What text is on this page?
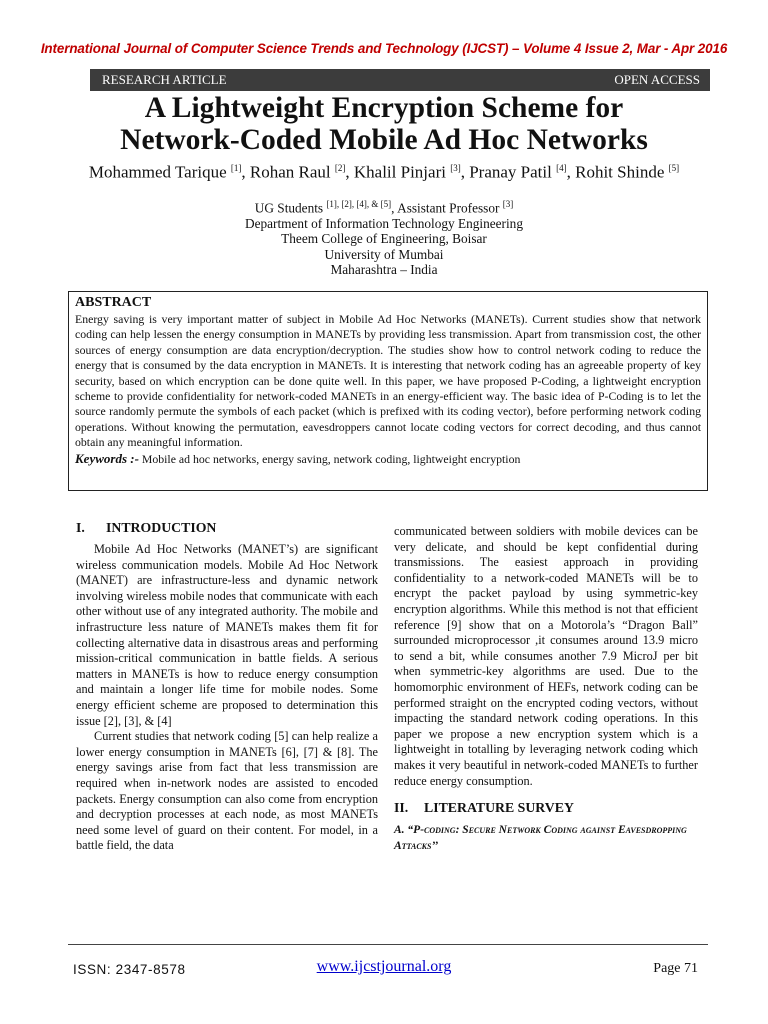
International Journal of Computer Science Trends and Technology (IJCST) – Volume 4 Issue 2, Mar - Apr 2016
RESEARCH ARTICLE	OPEN ACCESS
A Lightweight Encryption Scheme for
Network-Coded Mobile Ad Hoc Networks
Mohammed Tarique [1], Rohan Raul [2], Khalil Pinjari [3], Pranay Patil [4], Rohit Shinde [5]
UG Students [1], [2], [4], & [5], Assistant Professor [3]
Department of Information Technology Engineering
Theem College of Engineering, Boisar
University of Mumbai
Maharashtra – India
ABSTRACT

Energy saving is very important matter of subject in Mobile Ad Hoc Networks (MANETs). Current studies show that network coding can help lessen the energy consumption in MANETs by providing less transmission. Apart from transmission cost, the other sources of energy consumption are data encryption/decryption. The studies show how to control network coding to reduce the energy that is consumed by the data encryption in MANETs. It is interesting that network coding has an agreeable property of key security, based on which encryption can be done quite well. In this paper, we have proposed P-Coding, a lightweight encryption scheme to provide confidentiality for network-coded MANETs in an energy-efficient way. The basic idea of P-Coding is to let the source randomly permute the symbols of each packet (which is prefixed with its coding vector), before performing network coding operations. Without knowing the permutation, eavesdroppers cannot locate coding vectors for correct decoding, and thus cannot obtain any meaningful information.

Keywords :- Mobile ad hoc networks, energy saving, network coding, lightweight encryption

I. INTRODUCTION

Mobile Ad Hoc Networks (MANET’s) are significant wireless communication models. Mobile Ad Hoc Network (MANET) are infrastructure-less and dynamic network involving wireless mobile nodes that communicate with each other without use of any integrated authority. The mobile and infrastructure less nature of MANETs makes them fit for collecting alternative data in disastrous areas and performing mission-critical communication in battle fields. A serious matters in MANETs is how to reduce energy consumption and maintain a longer life time for mobile nodes. Some energy efficient scheme are proposed to determination this issue [2], [3], & [4]

Current studies that network coding [5] can help realize a lower energy consumption in MANETs [6], [7] & [8]. The energy savings arise from fact that less transmission are required when in-network nodes are assisted to encoded packets. Energy consumption can also come from encryption and decryption processes at each node, as most MANETs need some level of guard on their content. For model, in a battle field, the data

communicated between soldiers with mobile devices can be very delicate, and should be kept confidential during transmissions. The easiest approach in providing confidentiality to a network-coded MANETs will be to encrypt the packet payload by using symmetric-key encryption algorithms. While this method is not that efficient reference [9] show that on a Motorola’s “Dragon Ball” surrounded microprocessor ,it consumes around 13.9 micro to send a bit, while consumes another 7.9 MicroJ per bit when symmetric-key algorithms are used. Due to the homomorphic environment of HEFs, network coding can be performed straight on the encrypted coding vectors, without impacting the standard network coding operations. In this paper we propose a new encryption system which is a lightweight in totalling by leveraging network coding which makes it very beautiful in network-coded MANETs to further reduce energy consumption.

II. LITERATURE SURVEY

A. “P-coding: Secure Network Coding against Eavesdropping Attacks’’

ISSN: 2347-8578	www.ijcstjournal.org	Page 71
